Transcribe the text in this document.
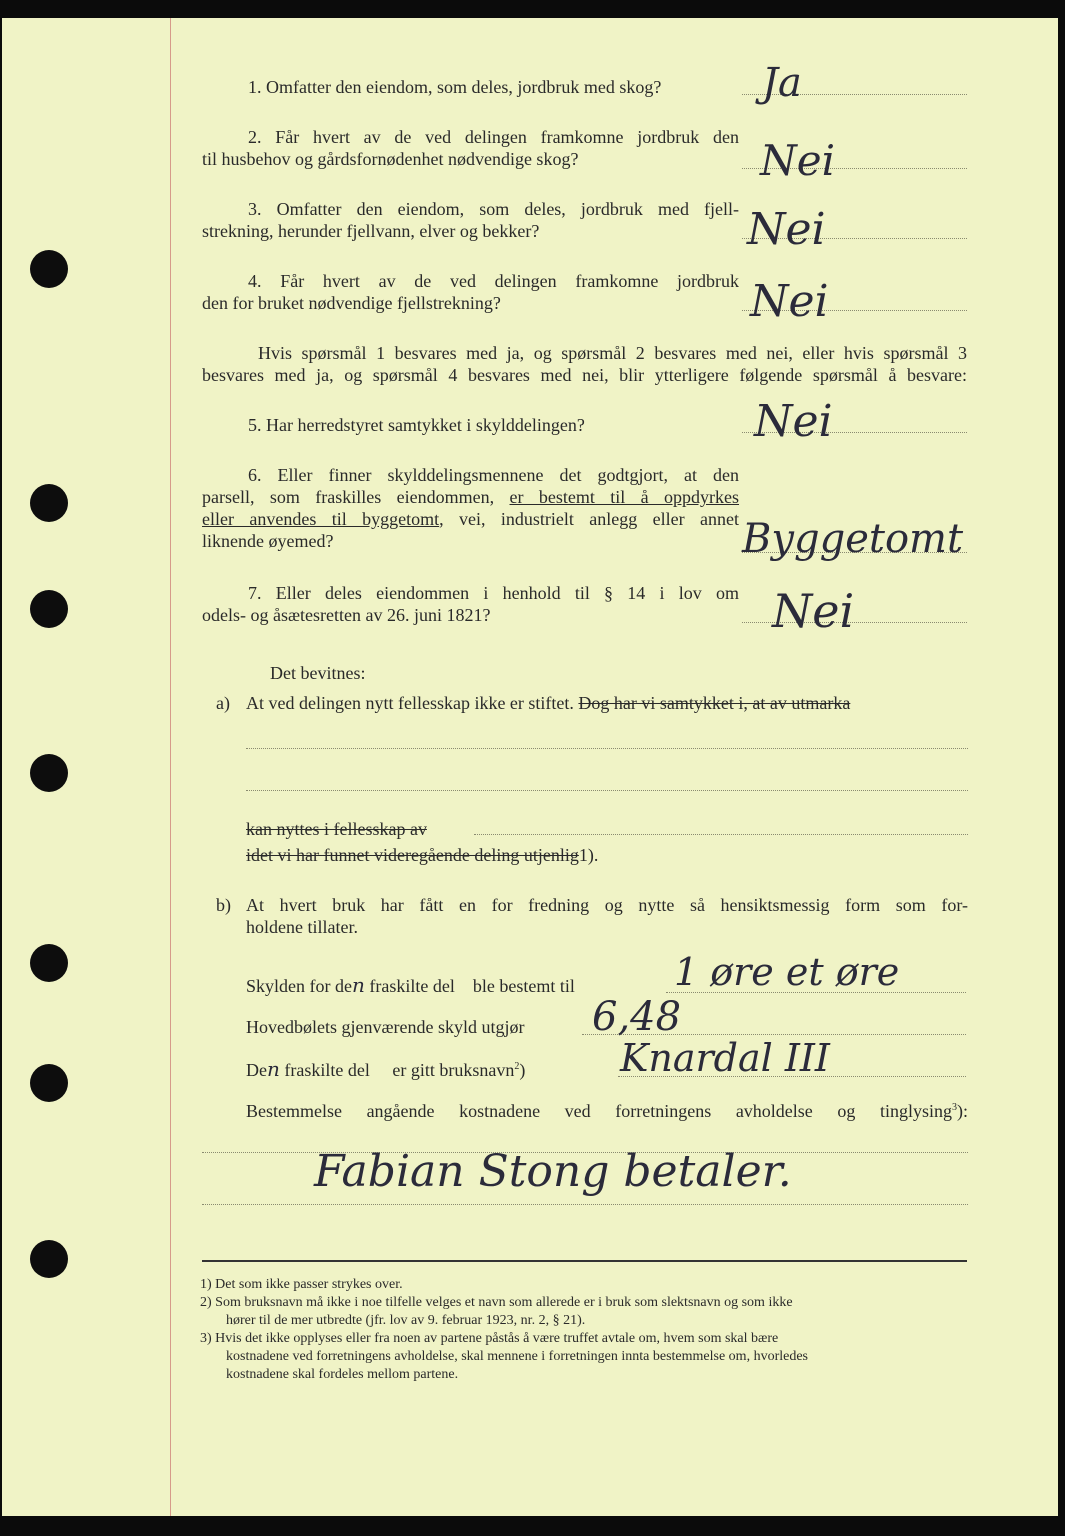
1. Omfatter den eiendom, som deles, jordbruk med skog?	Ja
2. Får hvert av de ved delingen framkomne jordbruk den
til husbehov og gårdsfornødenhet nødvendige skog?	Nei
3. Omfatter den eiendom, som deles, jordbruk med fjell-
strekning, herunder fjellvann, elver og bekker?	Nei
4. Får hvert av de ved delingen framkomne jordbruk
den for bruket nødvendige fjellstrekning?	Nei
Hvis spørsmål 1 besvares med ja, og spørsmål 2 besvares med nei, eller hvis spørsmål 3
besvares med ja, og spørsmål 4 besvares med nei, blir ytterligere følgende spørsmål å besvare:
5. Har herredstyret samtykket i skylddelingen?	Nei
6. Eller finner skylddelingsmennene det godtgjort, at den
parsell, som fraskilles eiendommen, er bestemt til å oppdyrkes
eller anvendes til byggetomt, vei, industrielt anlegg eller annet
liknende øyemed?	Byggetomt
7. Eller deles eiendommen i henhold til § 14 i lov om
odels- og åsætesretten av 26. juni 1821?	Nei
Det bevitnes:
a) At ved delingen nytt fellesskap ikke er stiftet. Dog har vi samtykket i, at av utmarka
kan nyttes i fellesskap av
idet vi har funnet videregående deling utjenlig1).
b) At hvert bruk har fått en for fredning og nytte så hensiktsmessig form som for-
holdene tillater.
Skylden for den fraskilte del ble bestemt til	1 øre et øre
Hovedbølets gjenværende skyld utgjør 6,48
Den fraskilte del er gitt bruksnavn$^2$) Knardal III
Bestemmelse angående kostnadene ved forretningens avholdelse og tinglysing$^3$):
Fabian Stong betaler.
1) Det som ikke passer strykes over.
2) Som bruksnavn må ikke i noe tilfelle velges et navn som allerede er i bruk som slektsnavn og som ikke
hører til de mer utbredte (jfr. lov av 9. februar 1923, nr. 2, § 21).
3) Hvis det ikke opplyses eller fra noen av partene påstås å være truffet avtale om, hvem som skal bære
kostnadene ved forretningens avholdelse, skal mennene i forretningen innta bestemmelse om, hvorledes
kostnadene skal fordeles mellom partene.
